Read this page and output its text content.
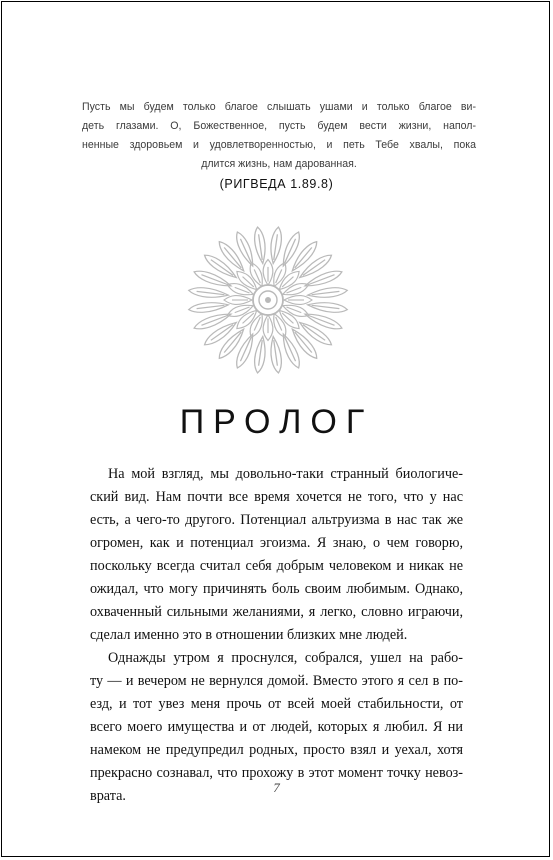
Пусть мы будем только благое слышать ушами и только благое ви-
деть глазами. О, Божественное, пусть будем вести жизни, напол-
ненные здоровьем и удовлетворенностью, и петь Тебе хвалы, пока
длится жизнь, нам дарованная.
(РИГВЕДА 1.89.8)
ПРОЛОГ
На мой взгляд, мы довольно-таки странный биологиче-
ский вид. Нам почти все время хочется не того, что у нас
есть, а чего-то другого. Потенциал альтруизма в нас так же
огромен, как и потенциал эгоизма. Я знаю, о чем говорю,
поскольку всегда считал себя добрым человеком и никак не
ожидал, что могу причинять боль своим любимым. Однако,
охваченный сильными желаниями, я легко, словно играючи,
сделал именно это в отношении близких мне людей.
Однажды утром я проснулся, собрался, ушел на рабо-
ту — и вечером не вернулся домой. Вместо этого я сел в по-
езд, и тот увез меня прочь от всей моей стабильности, от
всего моего имущества и от людей, которых я любил. Я ни
намеком не предупредил родных, просто взял и уехал, хотя
прекрасно сознавал, что прохожу в этот момент точку невоз-
врата.
7
